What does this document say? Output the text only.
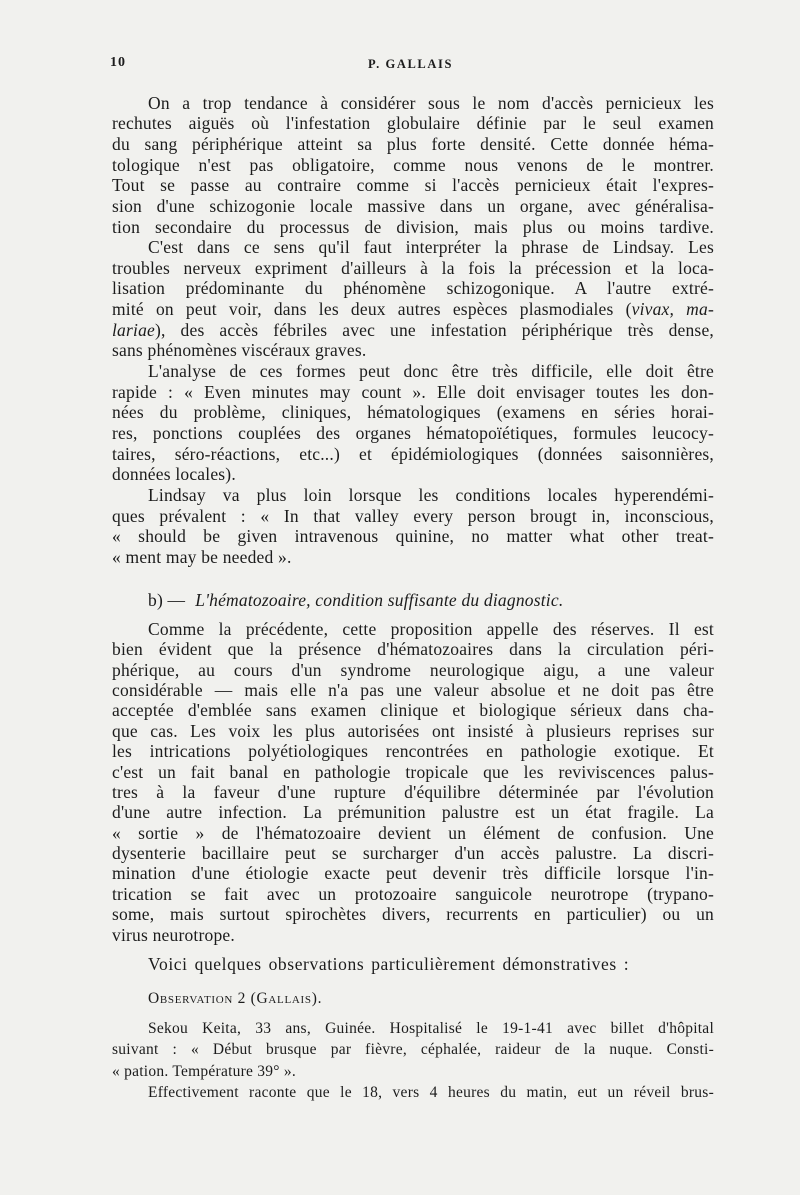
10	P. GALLAIS
On a trop tendance à considérer sous le nom d'accès pernicieux les
rechutes aiguës où l'infestation globulaire définie par le seul examen
du sang périphérique atteint sa plus forte densité. Cette donnée héma-
tologique n'est pas obligatoire, comme nous venons de le montrer.
Tout se passe au contraire comme si l'accès pernicieux était l'expres-
sion d'une schizogonie locale massive dans un organe, avec généralisa-
tion secondaire du processus de division, mais plus ou moins tardive.
C'est dans ce sens qu'il faut interpréter la phrase de Lindsay. Les
troubles nerveux expriment d'ailleurs à la fois la précession et la loca-
lisation prédominante du phénomène schizogonique. A l'autre extré-
mité on peut voir, dans les deux autres espèces plasmodiales (vivax, ma-
lariae), des accès fébriles avec une infestation périphérique très dense,
sans phénomènes viscéraux graves.
L'analyse de ces formes peut donc être très difficile, elle doit être
rapide : « Even minutes may count ». Elle doit envisager toutes les don-
nées du problème, cliniques, hématologiques (examens en séries horai-
res, ponctions couplées des organes hématopoïétiques, formules leucocy-
taires, séro-réactions, etc...) et épidémiologiques (données saisonnières,
données locales).
Lindsay va plus loin lorsque les conditions locales hyperendémi-
ques prévalent : « In that valley every person brougt in, inconscious,
« should be given intravenous quinine, no matter what other treat-
« ment may be needed ».
b) — L'hématozoaire, condition suffisante du diagnostic.
Comme la précédente, cette proposition appelle des réserves. Il est
bien évident que la présence d'hématozoaires dans la circulation péri-
phérique, au cours d'un syndrome neurologique aigu, a une valeur
considérable — mais elle n'a pas une valeur absolue et ne doit pas être
acceptée d'emblée sans examen clinique et biologique sérieux dans cha-
que cas. Les voix les plus autorisées ont insisté à plusieurs reprises sur
les intrications polyétiologiques rencontrées en pathologie exotique. Et
c'est un fait banal en pathologie tropicale que les reviviscences palus-
tres à la faveur d'une rupture d'équilibre déterminée par l'évolution
d'une autre infection. La prémunition palustre est un état fragile. La
« sortie » de l'hématozoaire devient un élément de confusion. Une
dysenterie bacillaire peut se surcharger d'un accès palustre. La discri-
mination d'une étiologie exacte peut devenir très difficile lorsque l'in-
trication se fait avec un protozoaire sanguicole neurotrope (trypano-
some, mais surtout spirochètes divers, recurrents en particulier) ou un
virus neurotrope.
Voici quelques observations particulièrement démonstratives :
Observation 2 (Gallais).
Sekou Keita, 33 ans, Guinée. Hospitalisé le 19-1-41 avec billet d'hôpital
suivant : « Début brusque par fièvre, céphalée, raideur de la nuque. Consti-
« pation. Température 39° ».
Effectivement raconte que le 18, vers 4 heures du matin, eut un réveil brus-
